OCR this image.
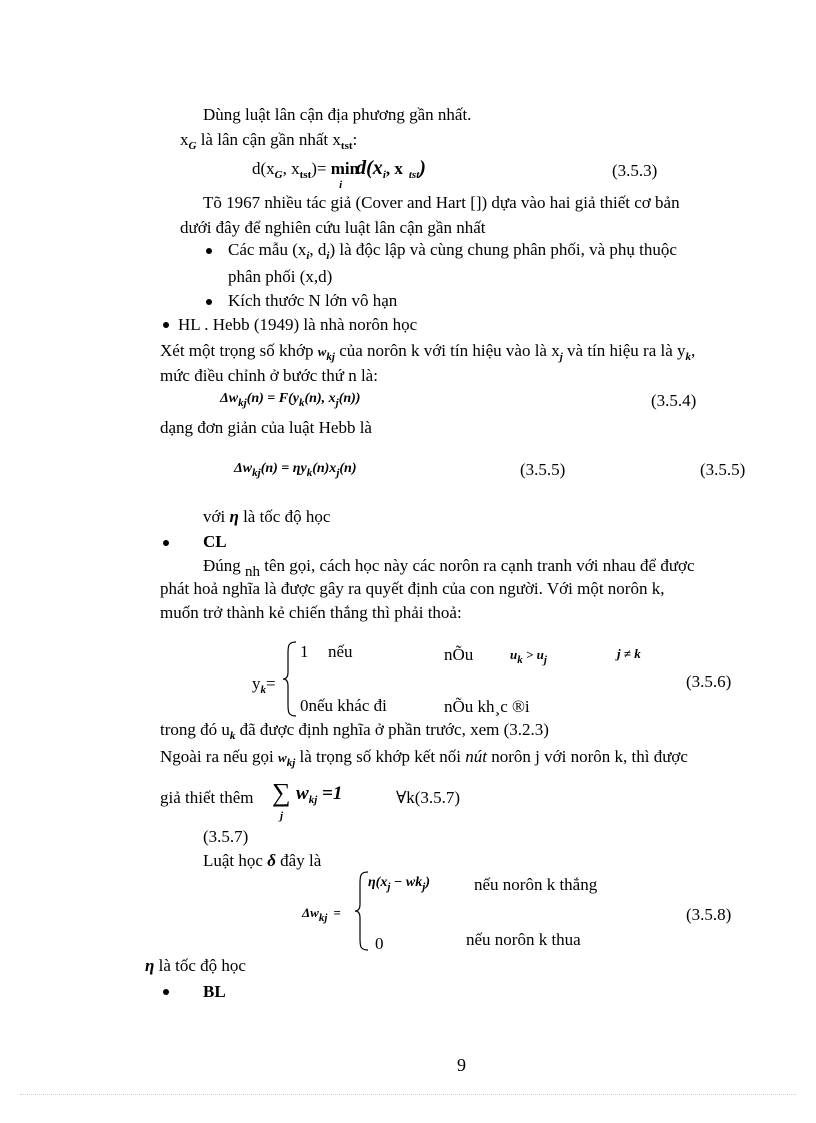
Dùng luật lân cận địa phương gần nhất.
$x_G$ là lân cận gần nhất $x_{tst}$:
$d(x_G$, $x_{tst})= \min_id(x_i$, x $_{tst}$)	(3.5.3)
Tõ 1967 nhiều tác giả (Cover and Hart []) dựa vào hai giả thiết cơ bản
dưới đây để nghiên cứu luật lân cận gần nhất
Các mẫu ($x_i$, $d_i$) là độc lập và cùng chung phân phối, và phụ thuộc
phân phối (x,d)
Kích thước N lớn vô hạn
HL . Hebb (1949) là nhà norôn học
Xét một trọng số khớp $w_{kj}$ của norôn k với tín hiệu vào là $x_j$ và tín hiệu ra là $y_k$,
mức điều chỉnh ở bước thứ n là:
$\Delta w_{kj}(n) = F(y_k(n)$, $x_j(n)$)	(3.5.4)
dạng đơn giản của luật Hebb là
$\Delta w_{kj}(n) = \eta y_k(n)x_j(n)$	(3.5.5)	(3.5.5)
với η là tốc độ học
CL
Đúng nh tên gọi, cách học này các norôn ra cạnh tranh với nhau để được
phát hoả nghĩa là được gây ra quyết định của con người. Với một norôn k,
muốn trở thành kẻ chiến thắng thì phải thoả:
1 nếu	nÕu	$u_k > u_j$	j ≠ k
$y_k=$	(3.5.6)
0nếu khác đi	nÕu kh¸c ®i
trong đó $u_k$ đã được định nghĩa ở phần trước, xem (3.2.3)
Ngoài ra nếu gọi $w_{kj}$ là trọng số khớp kết nối nút norôn j với norôn k, thì được
giả thiết thêm ∑
j
$w_{kj} =1$	∀k(3.5.7)
(3.5.7)
Luật học δ đây là
$\eta(x_j - wk_j)$	nếu norôn k thắng
$\Delta w_{kj}$ =	(3.5.8)
0	nếu norôn k thua
η là tốc độ học
BL
9
